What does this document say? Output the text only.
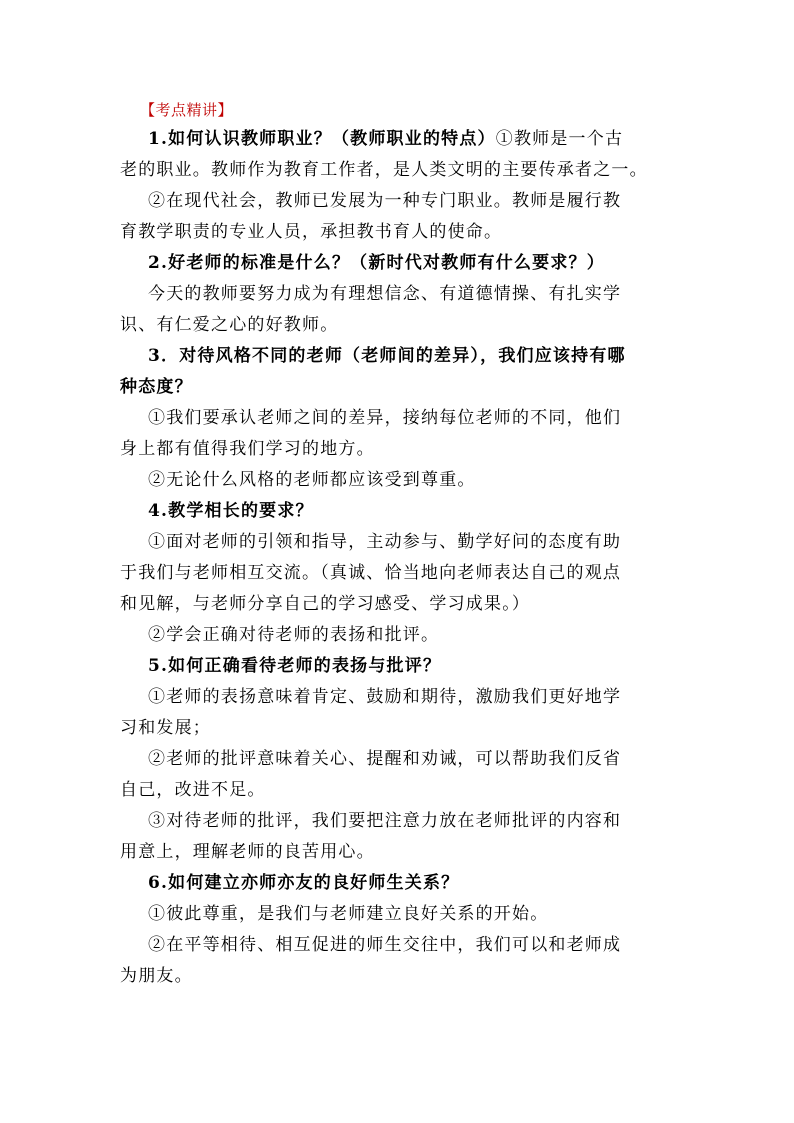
【考点精讲】
1.如何认识教师职业？（教师职业的特点）①教师是一个古
老的职业。教师作为教育工作者，是人类文明的主要传承者之一。
②在现代社会，教师已发展为一种专门职业。教师是履行教
育教学职责的专业人员，承担教书育人的使命。
2.好老师的标准是什么？（新时代对教师有什么要求？）
今天的教师要努力成为有理想信念、有道德情操、有扎实学
识、有仁爱之心的好教师。
3．对待风格不同的老师（老师间的差异），我们应该持有哪
种态度？
①我们要承认老师之间的差异，接纳每位老师的不同，他们
身上都有值得我们学习的地方。
②无论什么风格的老师都应该受到尊重。
4.教学相长的要求？
①面对老师的引领和指导，主动参与、勤学好问的态度有助
于我们与老师相互交流。（真诚、恰当地向老师表达自己的观点
和见解，与老师分享自己的学习感受、学习成果。）
②学会正确对待老师的表扬和批评。
5.如何正确看待老师的表扬与批评？
①老师的表扬意味着肯定、鼓励和期待，激励我们更好地学
习和发展；
②老师的批评意味着关心、提醒和劝诫，可以帮助我们反省
自己，改进不足。
③对待老师的批评，我们要把注意力放在老师批评的内容和
用意上，理解老师的良苦用心。
6.如何建立亦师亦友的良好师生关系？
①彼此尊重，是我们与老师建立良好关系的开始。
②在平等相待、相互促进的师生交往中，我们可以和老师成
为朋友。
